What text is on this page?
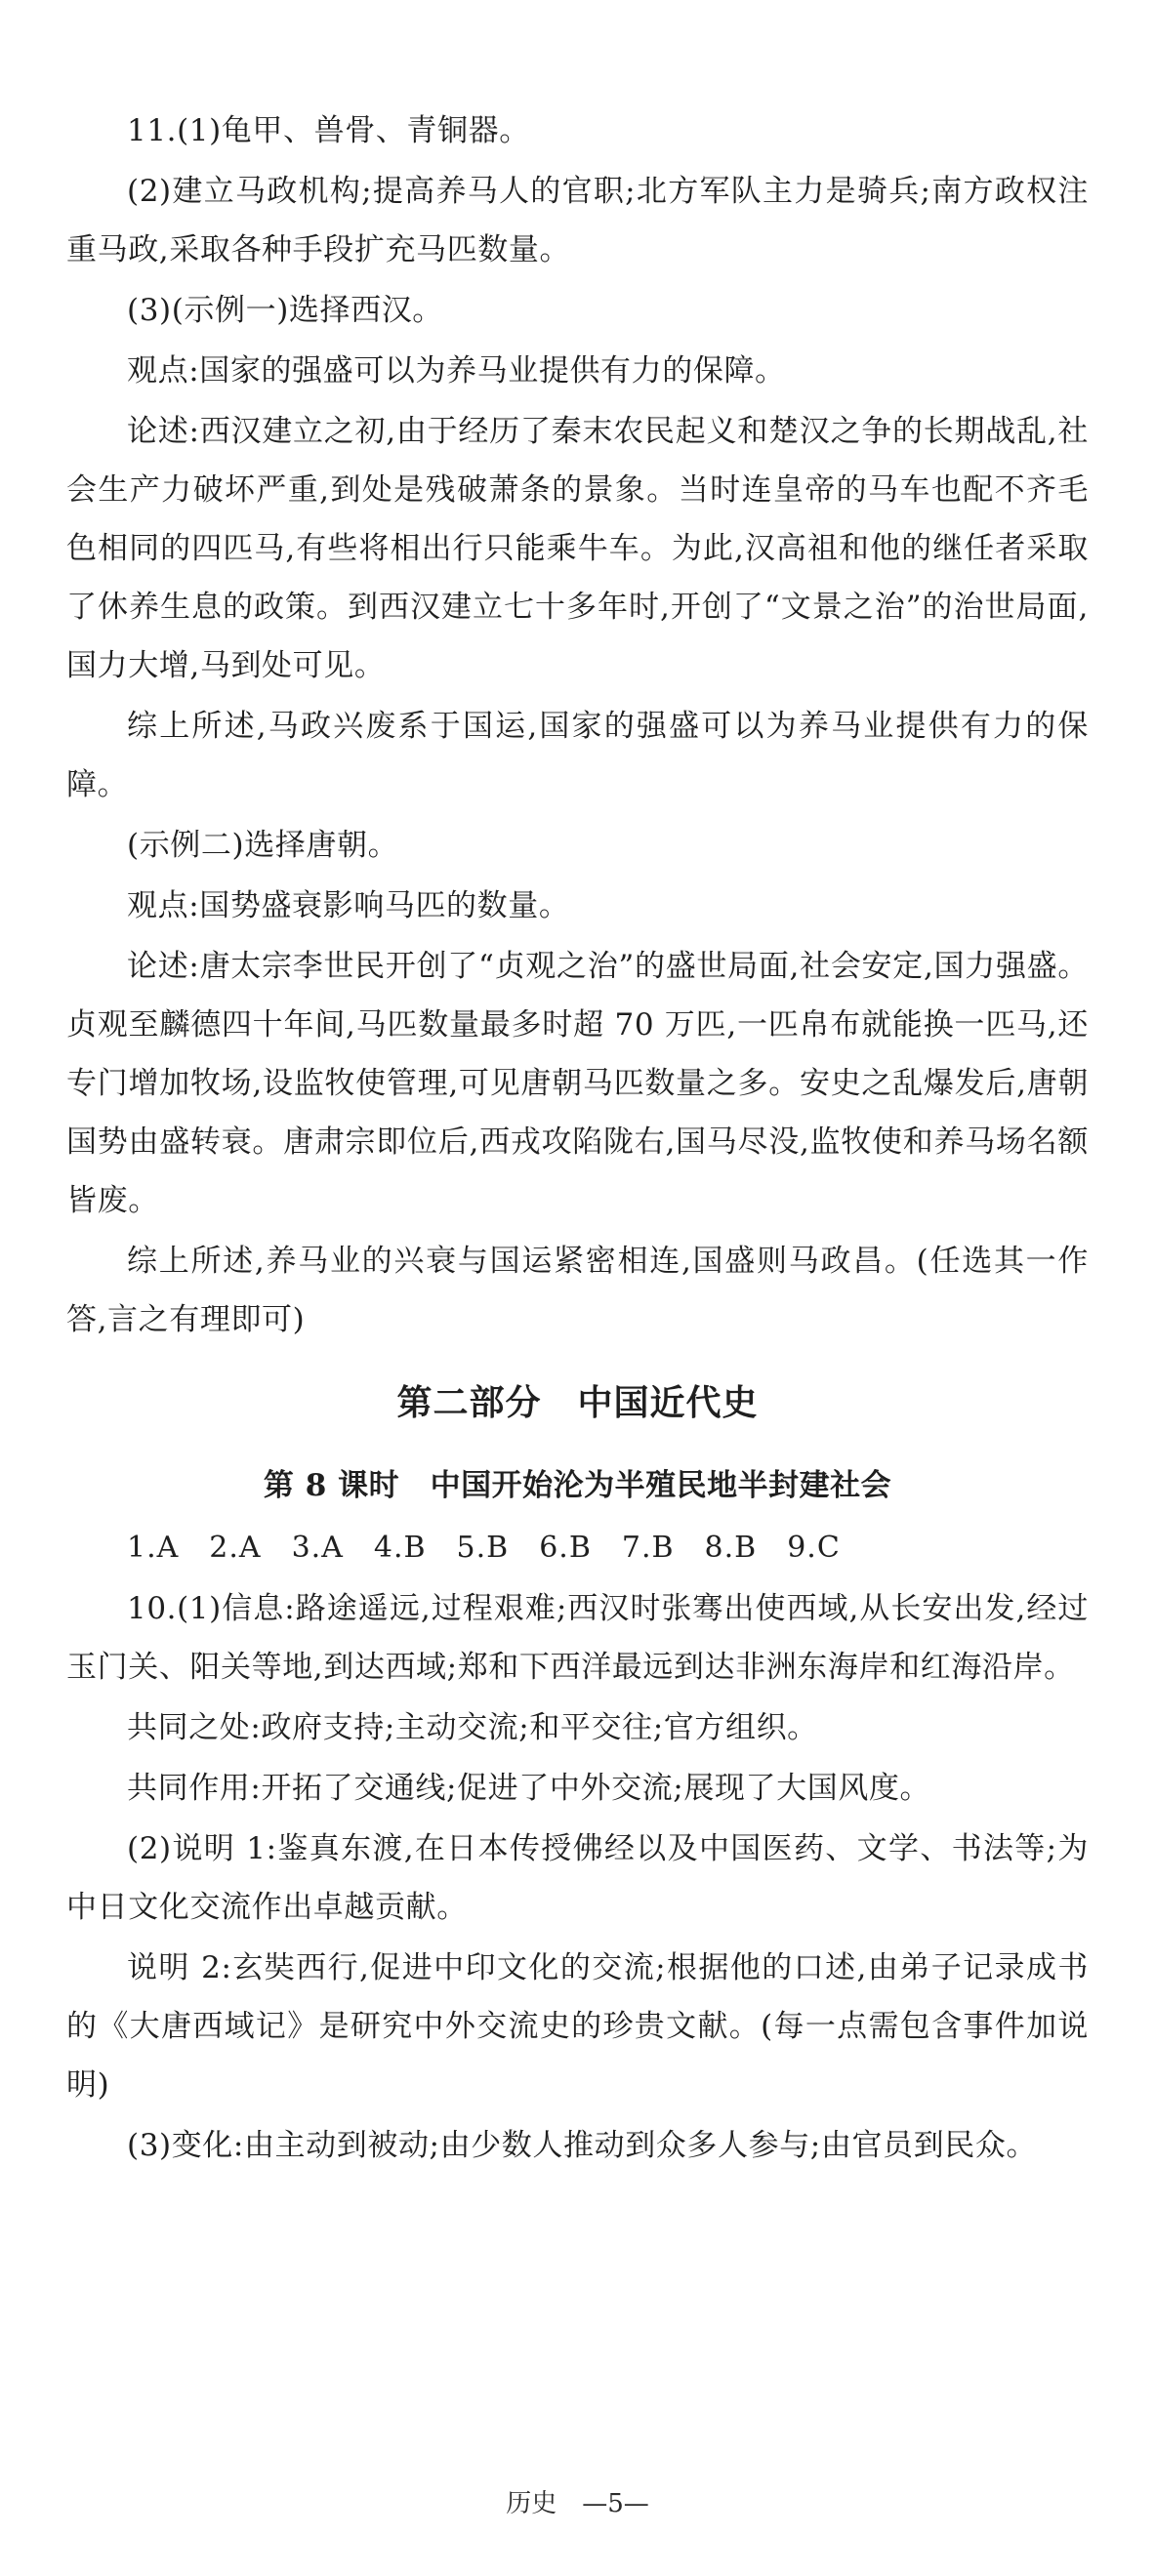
11.(1)龟甲、兽骨、青铜器。

(2)建立马政机构;提高养马人的官职;北方军队主力是骑兵;南方政权注重马政,采取各种手段扩充马匹数量。

(3)(示例一)选择西汉。

观点:国家的强盛可以为养马业提供有力的保障。

论述:西汉建立之初,由于经历了秦末农民起义和楚汉之争的长期战乱,社会生产力破坏严重,到处是残破萧条的景象。当时连皇帝的马车也配不齐毛色相同的四匹马,有些将相出行只能乘牛车。为此,汉高祖和他的继任者采取了休养生息的政策。到西汉建立七十多年时,开创了“文景之治”的治世局面,国力大增,马到处可见。

综上所述,马政兴废系于国运,国家的强盛可以为养马业提供有力的保障。

(示例二)选择唐朝。

观点:国势盛衰影响马匹的数量。

论述:唐太宗李世民开创了“贞观之治”的盛世局面,社会安定,国力强盛。贞观至麟德四十年间,马匹数量最多时超 70 万匹,一匹帛布就能换一匹马,还专门增加牧场,设监牧使管理,可见唐朝马匹数量之多。安史之乱爆发后,唐朝国势由盛转衰。唐肃宗即位后,西戎攻陷陇右,国马尽没,监牧使和养马场名额皆废。

综上所述,养马业的兴衰与国运紧密相连,国盛则马政昌。(任选其一作答,言之有理即可)

第二部分　中国近代史
第 8 课时　中国开始沦为半殖民地半封建社会

1.A　2.A　3.A　4.B　5.B　6.B　7.B　8.B　9.C

10.(1)信息:路途遥远,过程艰难;西汉时张骞出使西域,从长安出发,经过玉门关、阳关等地,到达西域;郑和下西洋最远到达非洲东海岸和红海沿岸。

共同之处:政府支持;主动交流;和平交往;官方组织。

共同作用:开拓了交通线;促进了中外交流;展现了大国风度。

(2)说明 1:鉴真东渡,在日本传授佛经以及中国医药、文学、书法等;为中日文化交流作出卓越贡献。

说明 2:玄奘西行,促进中印文化的交流;根据他的口述,由弟子记录成书的《大唐西域记》是研究中外交流史的珍贵文献。(每一点需包含事件加说明)

(3)变化:由主动到被动;由少数人推动到众多人参与;由官员到民众。

历史　—5—
